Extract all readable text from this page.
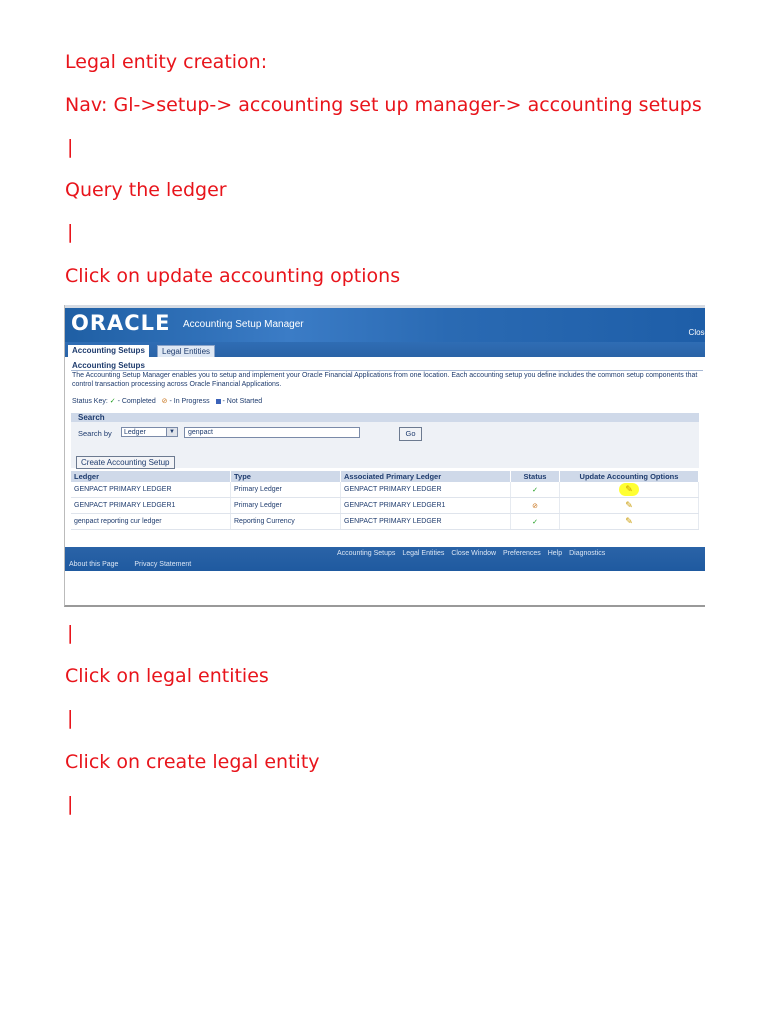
Legal entity creation:
Nav: Gl->setup-> accounting set up manager-> accounting setups
|
Query the ledger
|
Click on update accounting options
ORACLE Accounting Setup Manager
Close
Accounting Setups	Legal Entities
Accounting Setups
The Accounting Setup Manager enables you to setup and implement your Oracle Financial Applications from one location. Each accounting setup you define includes the common setup components that control transaction processing across Oracle Financial Applications.
Status Key: ✓ - Completed ⊘ - In Progress - Not Started
Search
Search by	Ledger	▼	genpact	Go
Create Accounting Setup
Ledger	Type	Associated Primary Ledger	Status	Update Accounting Options
GENPACT PRIMARY LEDGER	Primary Ledger	GENPACT PRIMARY LEDGER	✓	✎
GENPACT PRIMARY LEDGER1	Primary Ledger	GENPACT PRIMARY LEDGER1	⊘	✎
genpact reporting cur ledger	Reporting Currency	GENPACT PRIMARY LEDGER	✓	✎
Accounting Setups Legal Entities Close Window Preferences Help Diagnostics
About this Page Privacy Statement
|
Click on legal entities
|
Click on create legal entity
|
